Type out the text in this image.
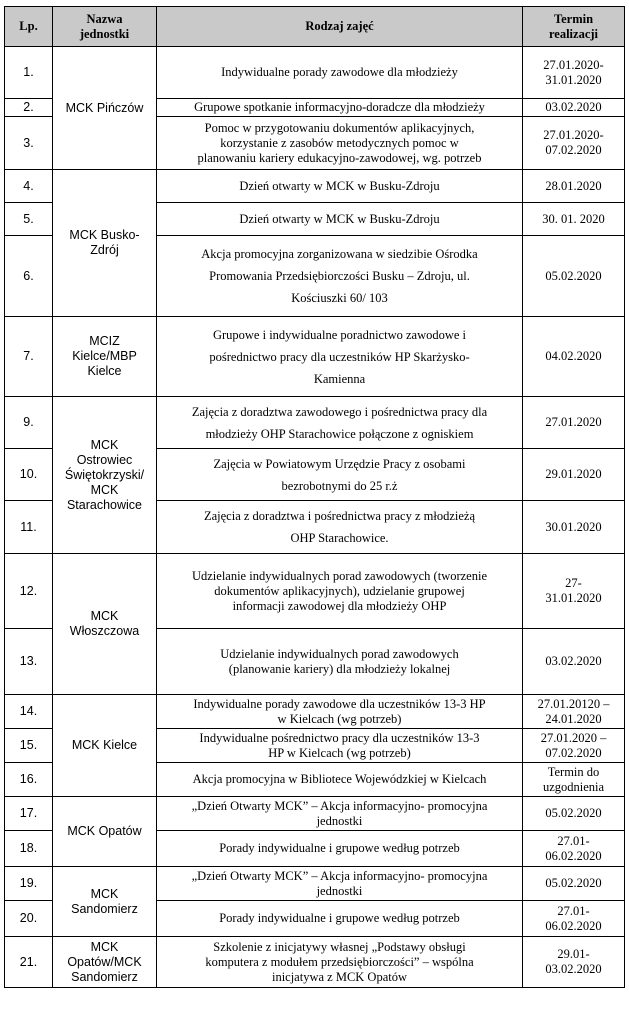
Lp.	Nazwa
jednostki	Rodzaj zajęć	Termin
realizacji
1.	MCK Pińczów	Indywidualne porady zawodowe dla młodzieży	27.01.2020-
31.01.2020
2.		Grupowe spotkanie informacyjno-doradcze dla młodzieży	03.02.2020
3.		Pomoc w przygotowaniu dokumentów aplikacyjnych,
korzystanie z zasobów metodycznych pomoc w
planowaniu kariery edukacyjno-zawodowej, wg. potrzeb	27.01.2020-
07.02.2020
4.	MCK Busko-
Zdrój	Dzień otwarty w MCK w Busku-Zdroju	28.01.2020
5.		Dzień otwarty w MCK w Busku-Zdroju	30. 01. 2020
6.		Akcja promocyjna zorganizowana w siedzibie Ośrodka
Promowania Przedsiębiorczości Busku – Zdroju, ul.
Kościuszki 60/ 103	05.02.2020
7.	MCIZ
Kielce/MBP
Kielce	Grupowe i indywidualne poradnictwo zawodowe i
pośrednictwo pracy dla uczestników HP Skarżysko-
Kamienna	04.02.2020
9.	MCK
Ostrowiec
Świętokrzyski/
MCK
Starachowice	Zajęcia z doradztwa zawodowego i pośrednictwa pracy dla
młodzieży OHP Starachowice połączone z ogniskiem	27.01.2020
10.		Zajęcia w Powiatowym Urzędzie Pracy z osobami
bezrobotnymi do 25 r.ż	29.01.2020
11.		Zajęcia z doradztwa i pośrednictwa pracy z młodzieżą
OHP Starachowice.	30.01.2020
12.	MCK
Włoszczowa	Udzielanie indywidualnych porad zawodowych (tworzenie
dokumentów aplikacyjnych), udzielanie grupowej
informacji zawodowej dla młodzieży OHP	27-
31.01.2020
13.		Udzielanie indywidualnych porad zawodowych
(planowanie kariery) dla młodzieży lokalnej	03.02.2020
14.	MCK Kielce	Indywidualne porady zawodowe dla uczestników 13-3 HP
w Kielcach (wg potrzeb)	27.01.20120 –
24.01.2020
15.		Indywidualne pośrednictwo pracy dla uczestników 13-3
HP w Kielcach (wg potrzeb)	27.01.2020 –
07.02.2020
16.		Akcja promocyjna w Bibliotece Wojewódzkiej w Kielcach	Termin do
uzgodnienia
17.	MCK Opatów	„Dzień Otwarty MCK” – Akcja informacyjno- promocyjna
jednostki	05.02.2020
18.		Porady indywidualne i grupowe według potrzeb	27.01-
06.02.2020
19.	MCK
Sandomierz	„Dzień Otwarty MCK” – Akcja informacyjno- promocyjna
jednostki	05.02.2020
20.		Porady indywidualne i grupowe według potrzeb	27.01-
06.02.2020
21.	MCK
Opatów/MCK
Sandomierz	Szkolenie z inicjatywy własnej „Podstawy obsługi
komputera z modułem przedsiębiorczości” – wspólna
inicjatywa z MCK Opatów	29.01-
03.02.2020
